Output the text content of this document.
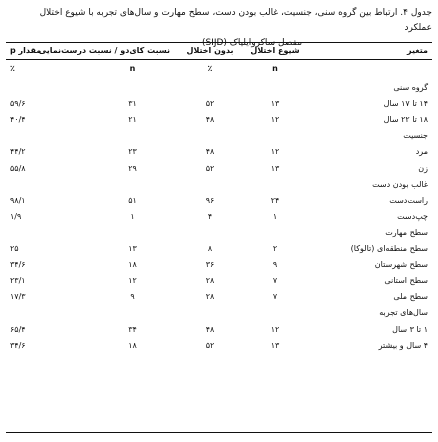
جدول ۴. ارتباط بین گروه سنی، جنسیت، غالب بودن دست، سطح مهارت و سال‌های تجربه با شیوع اختلال عملکرد
مفصل ساکروایلیاک (SIJD)
متغیر
شیوع اختلال
بدون اختلال
نسبت کای‌دو / نسبت درست‌نمایی
مقدار p
n
٪
n
٪
گروه سنی
۱۴ تا ۱۷ سال
۱۳
۵۲
۳۱
۵۹/۶
۱۸ تا ۲۲ سال
۱۲
۴۸
۲۱
۴۰/۴
جنسیت
مرد
۱۲
۴۸
۲۳
۴۴/۲
زن
۱۳
۵۲
۲۹
۵۵/۸
غالب بودن دست
راست‌دست
۲۴
۹۶
۵۱
۹۸/۱
چپ‌دست
۱
۴
۱
۱/۹
سطح مهارت
سطح منطقه‌ای (تالوکا)
۲
۸
۱۳
۲۵
سطح شهرستان
۹
۳۶
۱۸
۳۴/۶
سطح استانی
۷
۲۸
۱۲
۲۳/۱
سطح ملی
۷
۲۸
۹
۱۷/۳
سال‌های تجربه
۱ تا ۳ سال
۱۲
۴۸
۳۴
۶۵/۴
۴ سال و بیشتر
۱۳
۵۲
۱۸
۳۴/۶
